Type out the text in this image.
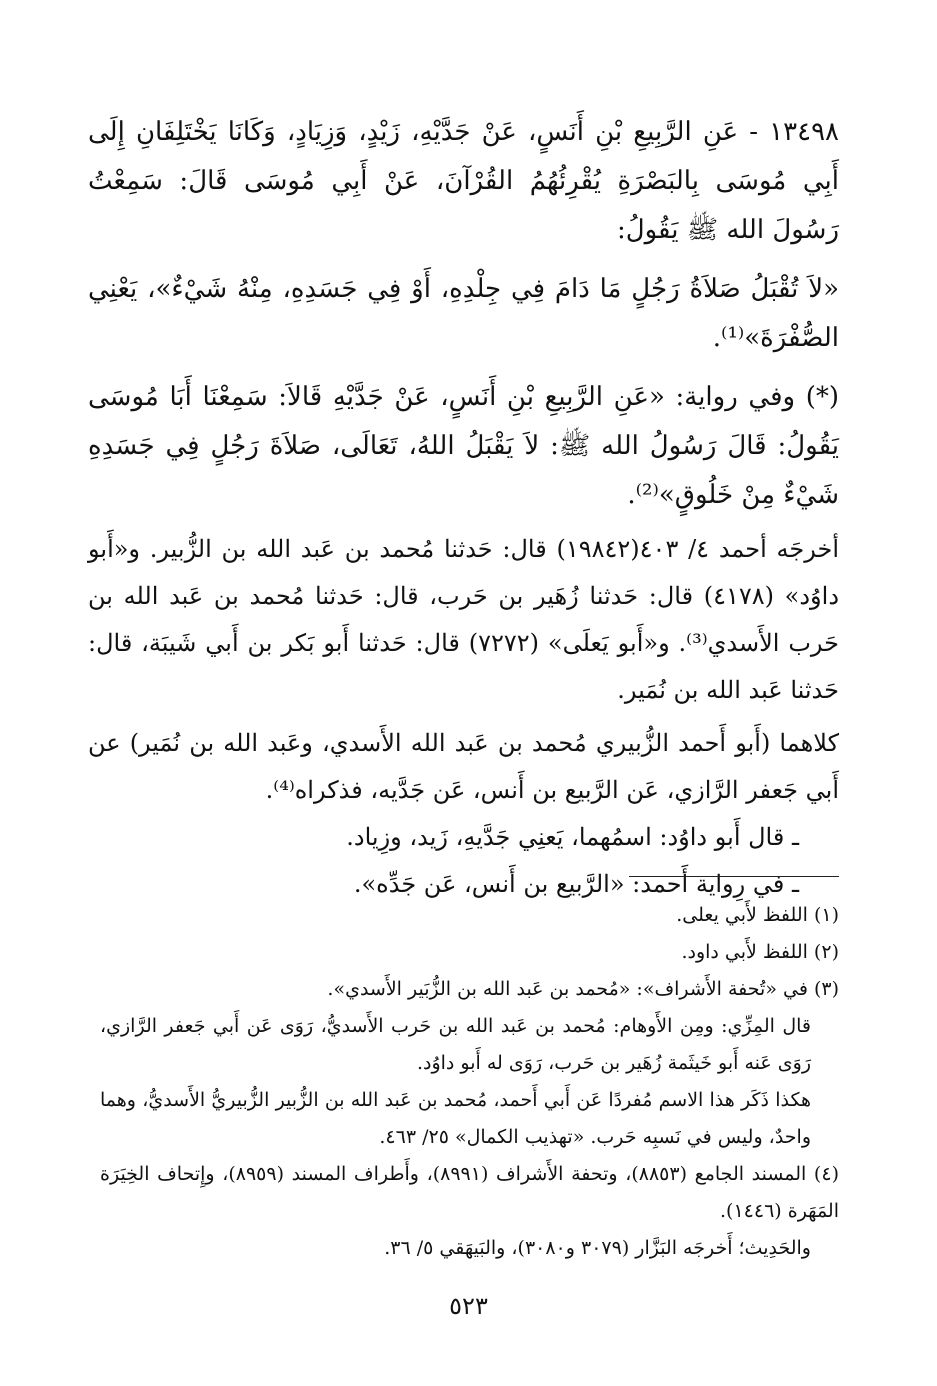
١٣٤٩٨ - عَنِ الرَّبِيعِ بْنِ أَنَسٍ، عَنْ جَدَّيْهِ، زَيْدٍ، وَزِيَادٍ، وَكَانَا يَخْتَلِفَانِ إِلَى أَبِي مُوسَى بِالبَصْرَةِ يُقْرِئُهُمُ القُرْآنَ، عَنْ أَبِي مُوسَى قَالَ: سَمِعْتُ رَسُولَ الله ﷺ يَقُولُ:

«لاَ تُقْبَلُ صَلاَةُ رَجُلٍ مَا دَامَ فِي جِلْدِهِ، أَوْ فِي جَسَدِهِ، مِنْهُ شَيْءٌ»، يَعْنِي الصُّفْرَةَ»⁽¹⁾.

(*) وفي رواية: «عَنِ الرَّبِيعِ بْنِ أَنَسٍ، عَنْ جَدَّيْهِ قَالاَ: سَمِعْنَا أَبَا مُوسَى يَقُولُ: قَالَ رَسُولُ الله ﷺ: لاَ يَقْبَلُ اللهُ، تَعَالَى، صَلاَةَ رَجُلٍ فِي جَسَدِهِ شَيْءٌ مِنْ خَلُوقٍ»⁽²⁾.

أخرجَه أحمد ٤/ ٤٠٣(١٩٨٤٢) قال: حَدثنا مُحمد بن عَبد الله بن الزُّبير. و«أَبو داوُد» (٤١٧٨) قال: حَدثنا زُهَير بن حَرب، قال: حَدثنا مُحمد بن عَبد الله بن حَرب الأَسدي⁽³⁾. و«أَبو يَعلَى» (٧٢٧٢) قال: حَدثنا أَبو بَكر بن أَبي شَيبَة، قال: حَدثنا عَبد الله بن نُمَير.

كلاهما (أَبو أَحمد الزُّبيري مُحمد بن عَبد الله الأَسدي، وعَبد الله بن نُمَير) عن أَبي جَعفر الرَّازي، عَن الرَّبيع بن أَنس، عَن جَدَّيه، فذكراه⁽⁴⁾.

ـ قال أَبو داوُد: اسمُهما، يَعنِي جَدَّيهِ، زَيد، وزِياد.

ـ في رِواية أَحمد: «الرَّبيع بن أَنس، عَن جَدِّه».

(١) اللفظ لأَبي يعلى.

(٢) اللفظ لأَبي داود.

(٣) في «تُحفة الأَشراف»: «مُحمد بن عَبد الله بن الزُّبَير الأَسدي».

قال المِزِّي: ومِن الأَوهام: مُحمد بن عَبد الله بن حَرب الأَسديُّ، رَوَى عَن أَبي جَعفر الرَّازي، رَوَى عَنه أَبو خَيثَمة زُهَير بن حَرب، رَوَى له أَبو داوُد.

هكذا ذَكَر هذا الاسم مُفردًا عَن أَبي أَحمد، مُحمد بن عَبد الله بن الزُّبير الزُّبيريُّ الأَسديُّ، وهما واحدٌ، وليس في نَسبِه حَرب. «تهذيب الكمال» ٢٥/ ٤٦٣.

(٤) المسند الجامع (٨٨٥٣)، وتحفة الأَشراف (٨٩٩١)، وأَطراف المسند (٨٩٥٩)، وإِتحاف الخِيَرَة المَهَرة (١٤٤٦).

والحَدِيث؛ أَخرجَه البَزَّار (٣٠٧٩ و٣٠٨٠)، والبَيهَقي ٥/ ٣٦.

٥٢٣
